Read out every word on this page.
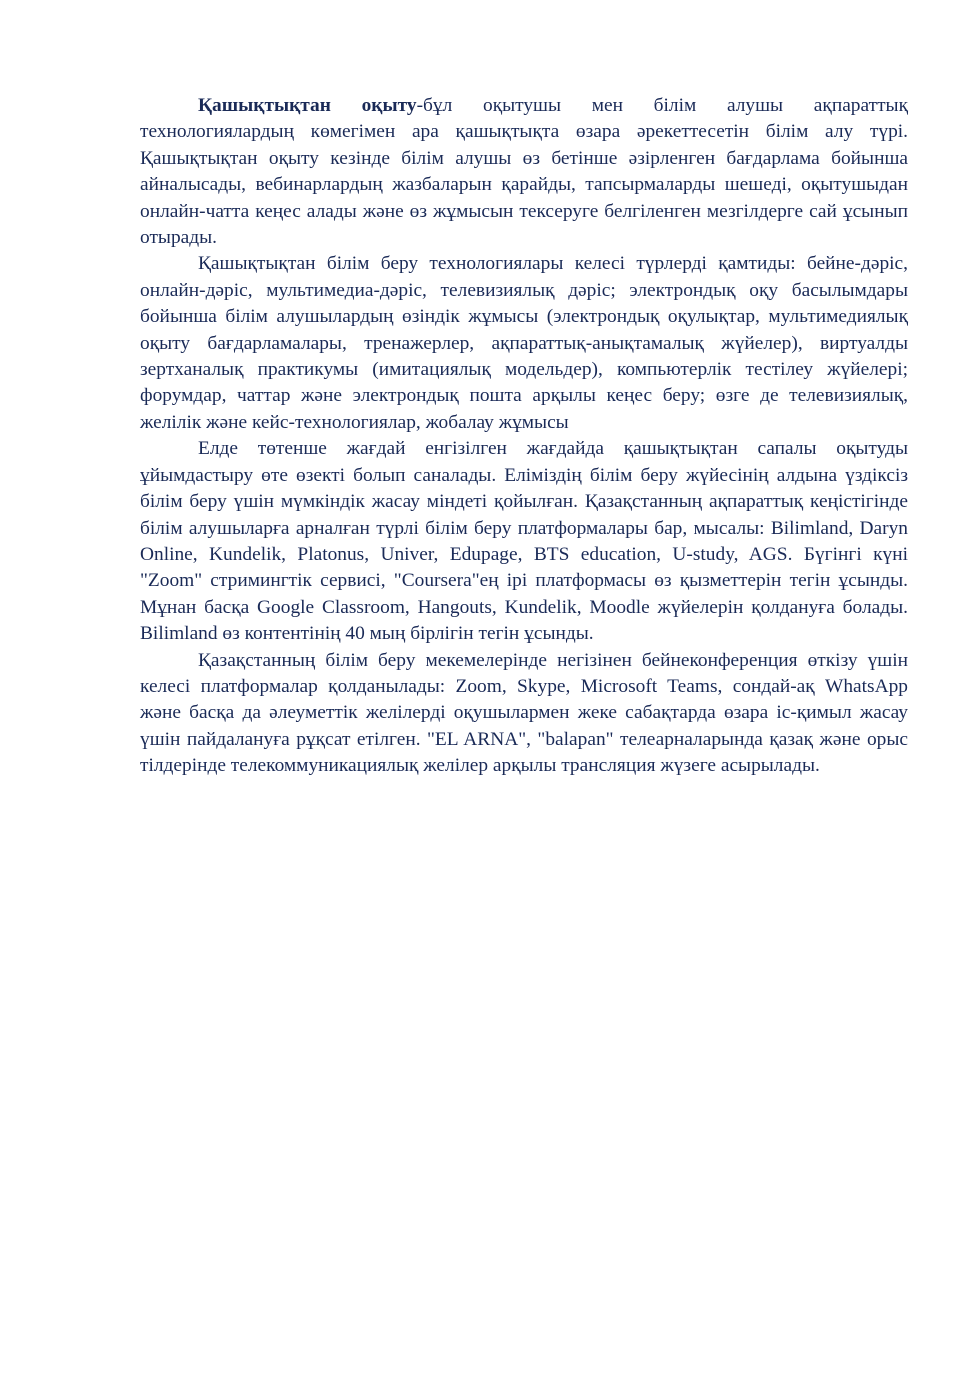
Қашықтықтан оқыту-бұл оқытушы мен білім алушы ақпараттық технологиялардың көмегімен ара қашықтықта өзара әрекеттесетін білім алу түрі. Қашықтықтан оқыту кезінде білім алушы өз бетінше әзірленген бағдарлама бойынша айналысады, вебинарлардың жазбаларын қарайды, тапсырмаларды шешеді, оқытушыдан онлайн-чатта кеңес алады және өз жұмысын тексеруге белгіленген мезгілдерге сай ұсынып отырады.

Қашықтықтан білім беру технологиялары келесі түрлерді қамтиды: бейне-дәріс, онлайн-дәріс, мультимедиа-дәріс, телевизиялық дәріс; электрондық оқу басылымдары бойынша білім алушылардың өзіндік жұмысы (электрондық оқулықтар, мультимедиялық оқыту бағдарламалары, тренажерлер, ақпараттық-анықтамалық жүйелер), виртуалды зертханалық практикумы (имитациялық модельдер), компьютерлік тестілеу жүйелері; форумдар, чаттар және электрондық пошта арқылы кеңес беру; өзге де телевизиялық, желілік және кейс-технологиялар, жобалау жұмысы

Елде төтенше жағдай енгізілген жағдайда қашықтықтан сапалы оқытуды ұйымдастыру өте өзекті болып саналады. Еліміздің білім беру жүйесінің алдына үздіксіз білім беру үшін мүмкіндік жасау міндеті қойылған. Қазақстанның ақпараттық кеңістігінде білім алушыларға арналған түрлі білім беру платформалары бар, мысалы: Bilimland, Daryn Online, Kundelik, Platonus, Univer, Edupage, BTS education, U-study, AGS. Бүгінгі күні "Zoom" стримингтік сервисі, "Coursera"ең ірі платформасы өз қызметтерін тегін ұсынды. Мұнан басқа Google Classroom, Hangouts, Kundelik, Moodle жүйелерін қолдануға болады. Bilimland өз контентінің 40 мың бірлігін тегін ұсынды.

Қазақстанның білім беру мекемелерінде негізінен бейнеконференция өткізу үшін келесі платформалар қолданылады: Zoom, Skype, Microsoft Teams, сондай-ақ WhatsApp және басқа да әлеуметтік желілерді оқушылармен жеке сабақтарда өзара іс-қимыл жасау үшін пайдалануға рұқсат етілген. "EL ARNA", "balapan" телеарналарында қазақ және орыс тілдерінде телекоммуникациялық желілер арқылы трансляция жүзеге асырылады.
